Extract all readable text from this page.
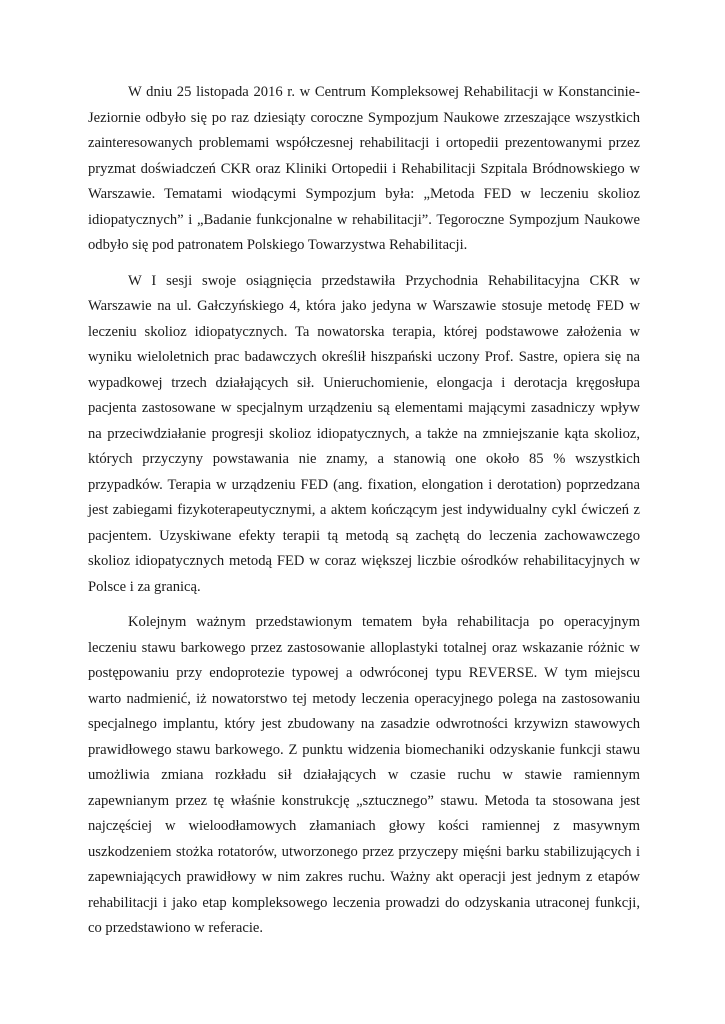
W dniu 25 listopada 2016 r. w Centrum Kompleksowej Rehabilitacji w Konstancinie- Jeziornie odbyło się po raz dziesiąty coroczne Sympozjum Naukowe zrzeszające wszystkich zainteresowanych problemami współczesnej rehabilitacji i ortopedii prezentowanymi przez pryzmat doświadczeń CKR oraz Kliniki Ortopedii i Rehabilitacji Szpitala Bródnowskiego w Warszawie. Tematami wiodącymi Sympozjum była: „Metoda FED w leczeniu skolioz idiopatycznych” i „Badanie funkcjonalne w rehabilitacji”. Tegoroczne Sympozjum Naukowe odbyło się pod patronatem Polskiego Towarzystwa Rehabilitacji.

W I sesji swoje osiągnięcia przedstawiła Przychodnia Rehabilitacyjna CKR w Warszawie na ul. Gałczyńskiego 4, która jako jedyna w Warszawie stosuje metodę FED w leczeniu skolioz idiopatycznych. Ta nowatorska terapia, której podstawowe założenia w wyniku wieloletnich prac badawczych określił hiszpański uczony Prof. Sastre, opiera się na wypadkowej trzech działających sił. Unieruchomienie, elongacja i derotacja kręgosłupa pacjenta zastosowane w specjalnym urządzeniu są elementami mającymi zasadniczy wpływ na przeciwdziałanie progresji skolioz idiopatycznych, a także na zmniejszanie kąta skolioz, których przyczyny powstawania nie znamy, a stanowią one około 85 % wszystkich przypadków. Terapia w urządzeniu FED (ang. fixation, elongation i derotation) poprzedzana jest zabiegami fizykoterapeutycznymi, a aktem kończącym jest indywidualny cykl ćwiczeń z pacjentem. Uzyskiwane efekty terapii tą metodą są zachętą do leczenia zachowawczego skolioz idiopatycznych metodą FED w coraz większej liczbie ośrodków rehabilitacyjnych w Polsce i za granicą.

Kolejnym ważnym przedstawionym tematem była rehabilitacja po operacyjnym leczeniu stawu barkowego przez zastosowanie alloplastyki totalnej oraz wskazanie różnic w postępowaniu przy endoprotezie typowej a odwróconej typu REVERSE. W tym miejscu warto nadmienić, iż nowatorstwo tej metody leczenia operacyjnego polega na zastosowaniu specjalnego implantu, który jest zbudowany na zasadzie odwrotności krzywizn stawowych prawidłowego stawu barkowego. Z punktu widzenia biomechaniki odzyskanie funkcji stawu umożliwia zmiana rozkładu sił działających w czasie ruchu w stawie ramiennym zapewnianym przez tę właśnie konstrukcję „sztucznego” stawu. Metoda ta stosowana jest najczęściej w wieloodłamowych złamaniach głowy kości ramiennej z masywnym uszkodzeniem stożka rotatorów, utworzonego przez przyczepy mięśni barku stabilizujących i zapewniających prawidłowy w nim zakres ruchu. Ważny akt operacji jest jednym z etapów rehabilitacji i jako etap kompleksowego leczenia prowadzi do odzyskania utraconej funkcji, co przedstawiono w referacie.
